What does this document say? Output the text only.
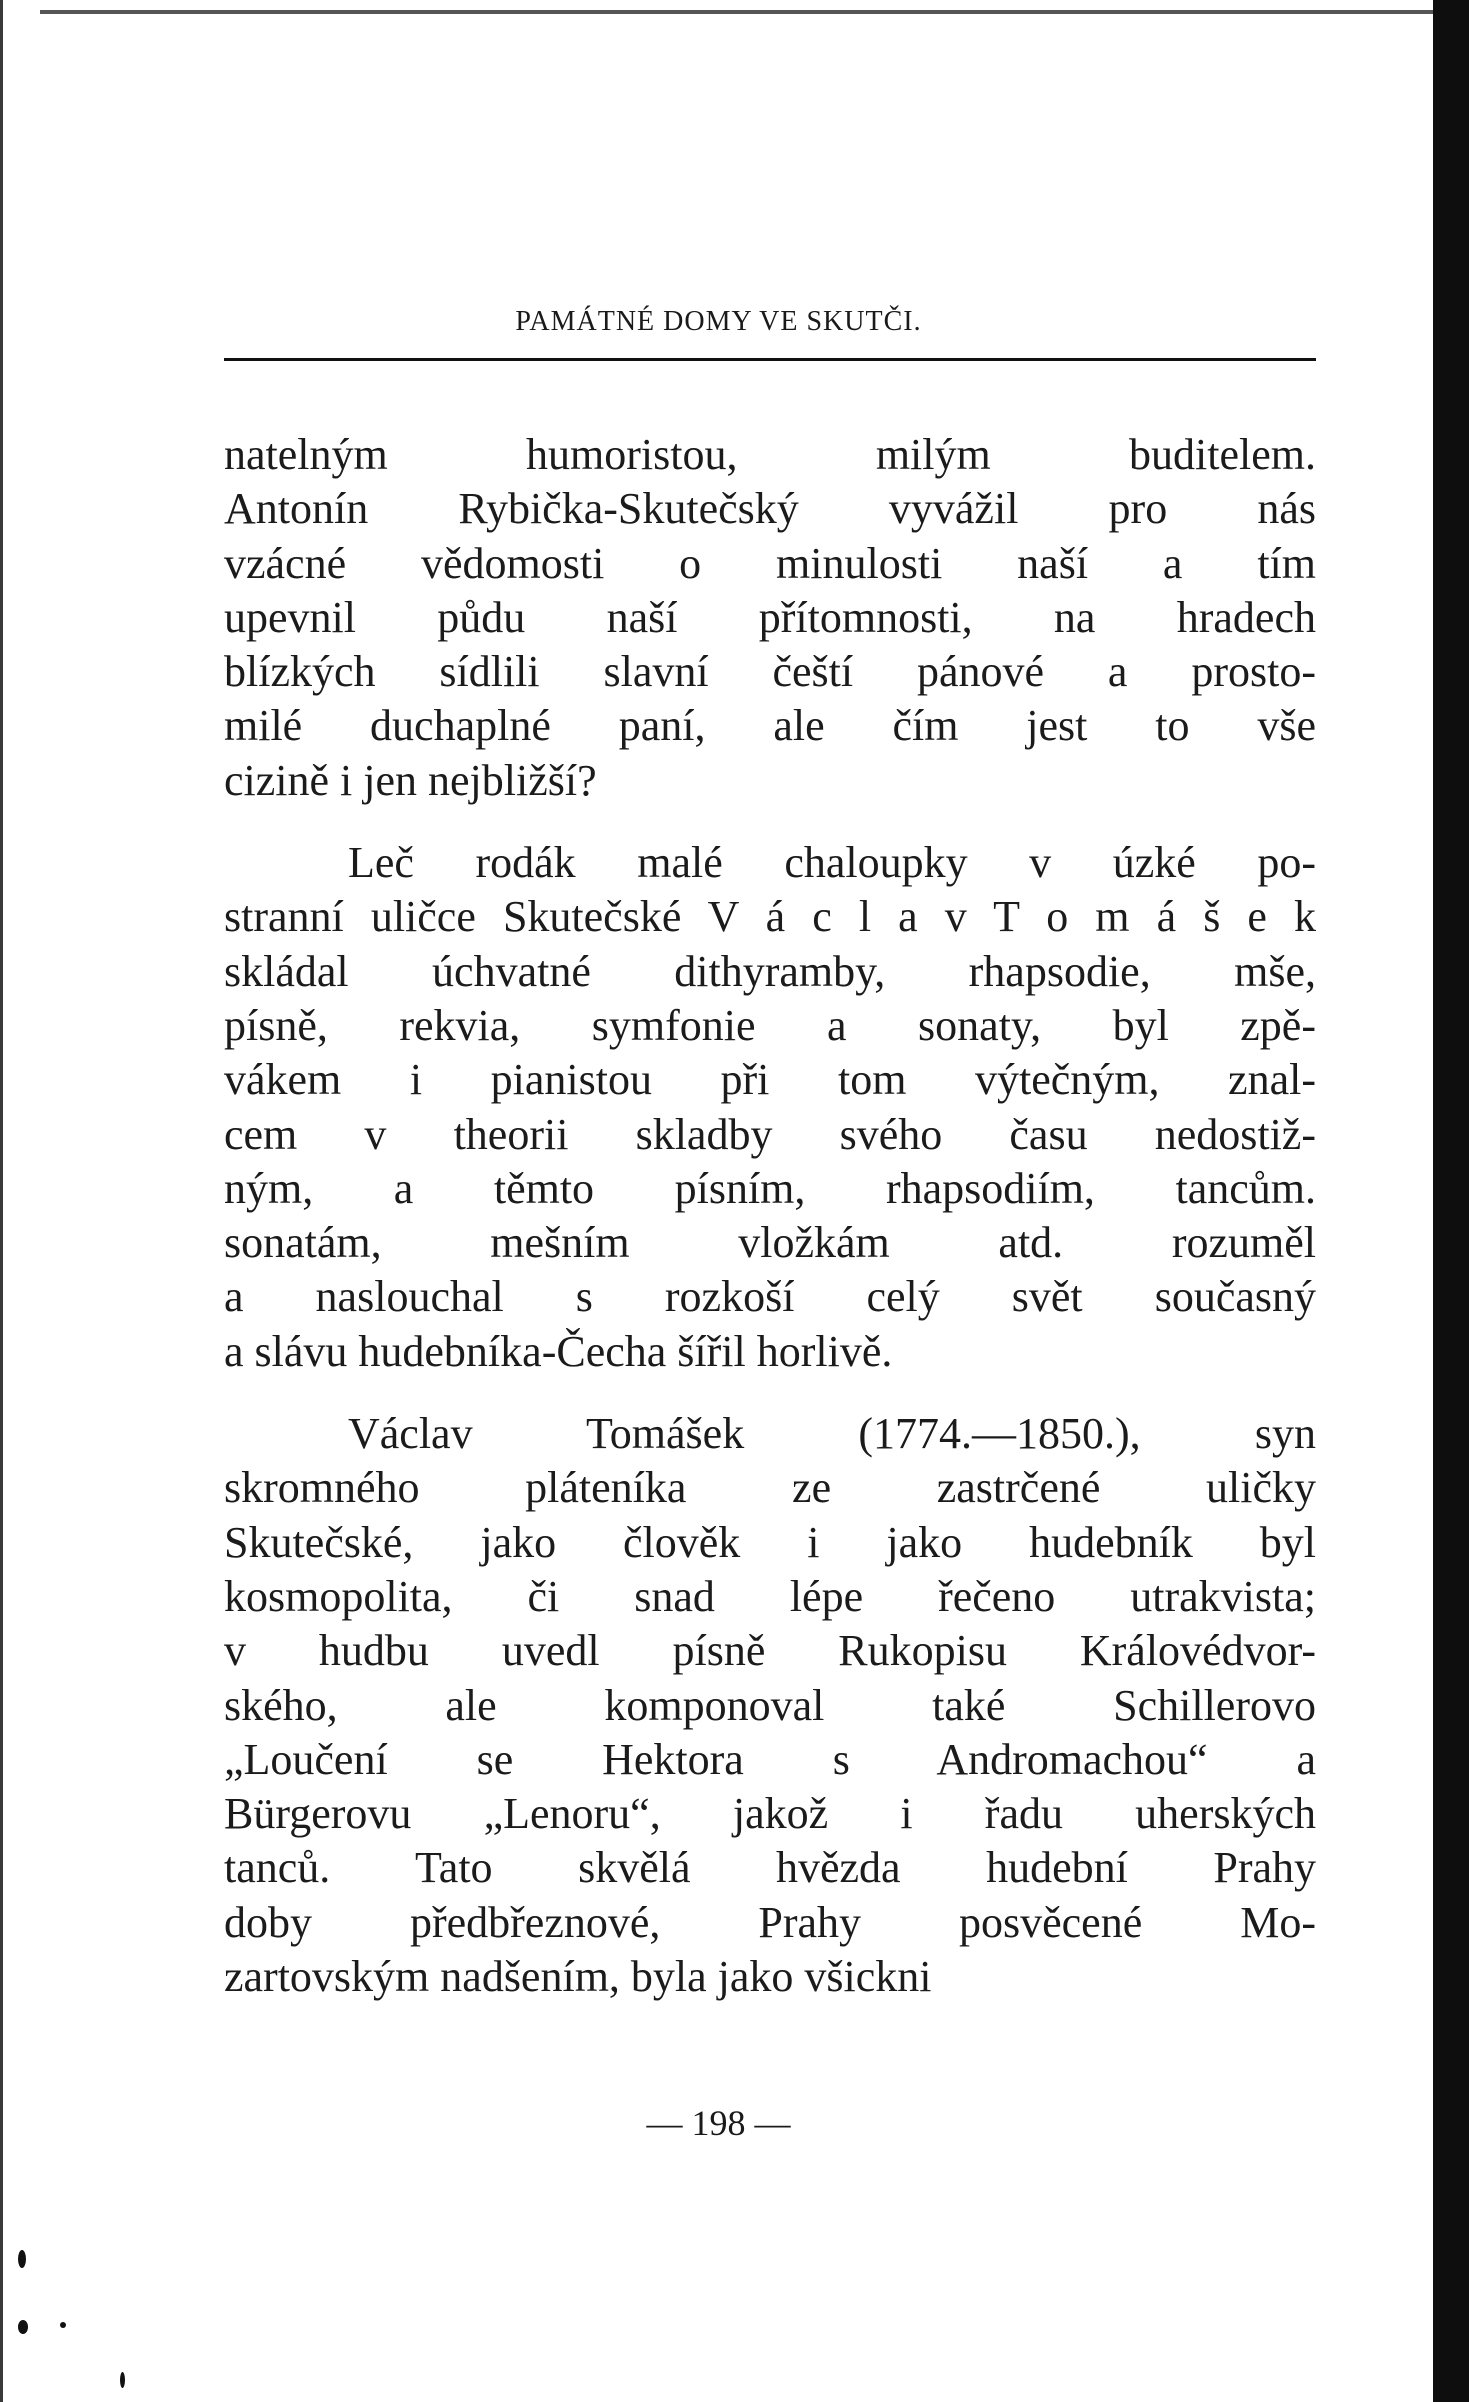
PAMÁTNÉ DOMY VE SKUTČI.
natelným humoristou, milým buditelem.
Antonín Rybička-Skutečský vyvážil pro nás
vzácné vědomosti o minulosti naší a tím
upevnil půdu naší přítomnosti, na hradech
blízkých sídlili slavní čeští pánové a prosto-
milé duchaplné paní, ale čím jest to vše
cizině i jen nejbližší?
Leč rodák malé chaloupky v úzké po-
stranní uličce Skutečské V á c l a v T o m á š e k
skládal úchvatné dithyramby, rhapsodie, mše,
písně, rekvia, symfonie a sonaty, byl zpě-
vákem i pianistou při tom výtečným, znal-
cem v theorii skladby svého času nedostiž-
ným, a těmto písním, rhapsodiím, tancům.
sonatám, mešním vložkám atd. rozuměl
a naslouchal s rozkoší celý svět současný
a slávu hudebníka-Čecha šířil horlivě.
Václav Tomášek (1774.—1850.), syn
skromného pláteníka ze zastrčené uličky
Skutečské, jako člověk i jako hudebník byl
kosmopolita, či snad lépe řečeno utrakvista;
v hudbu uvedl písně Rukopisu Královédvor-
ského, ale komponoval také Schillerovo
„Loučení se Hektora s Andromachou“ a
Bürgerovu „Lenoru“, jakož i řadu uherských
tanců. Tato skvělá hvězda hudební Prahy
doby předbřeznové, Prahy posvěcené Mo-
zartovským nadšením, byla jako všickni
— 198 —
